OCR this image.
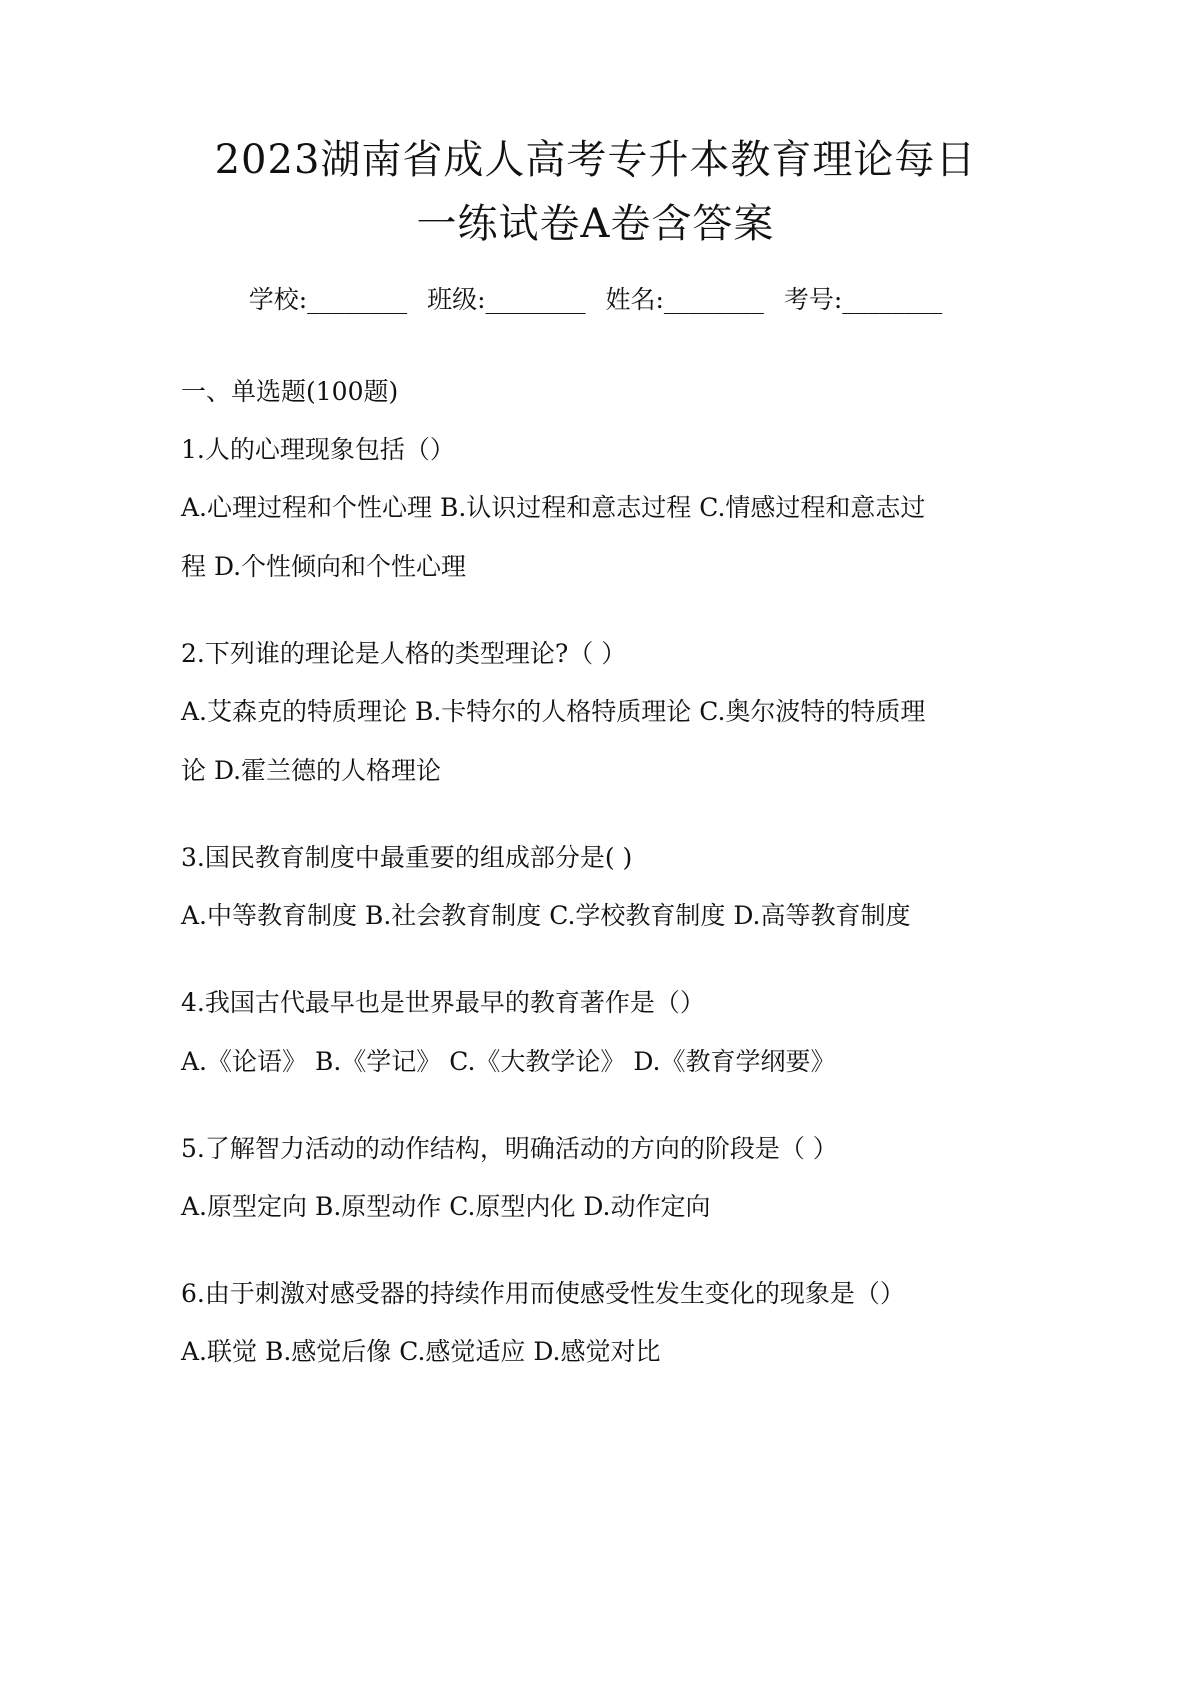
2023湖南省成人高考专升本教育理论每日
一练试卷A卷含答案
学校:________ 班级:________ 姓名:________ 考号:________
一、单选题(100题)
1.人的心理现象包括（）
A.心理过程和个性心理 B.认识过程和意志过程 C.情感过程和意志过
程 D.个性倾向和个性心理
2.下列谁的理论是人格的类型理论?（ ）
A.艾森克的特质理论 B.卡特尔的人格特质理论 C.奥尔波特的特质理
论 D.霍兰德的人格理论
3.国民教育制度中最重要的组成部分是( )
A.中等教育制度 B.社会教育制度 C.学校教育制度 D.高等教育制度
4.我国古代最早也是世界最早的教育著作是（）
A.《论语》 B.《学记》 C.《大教学论》 D.《教育学纲要》
5.了解智力活动的动作结构，明确活动的方向的阶段是（ ）
A.原型定向 B.原型动作 C.原型内化 D.动作定向
6.由于刺激对感受器的持续作用而使感受性发生变化的现象是（）
A.联觉 B.感觉后像 C.感觉适应 D.感觉对比
